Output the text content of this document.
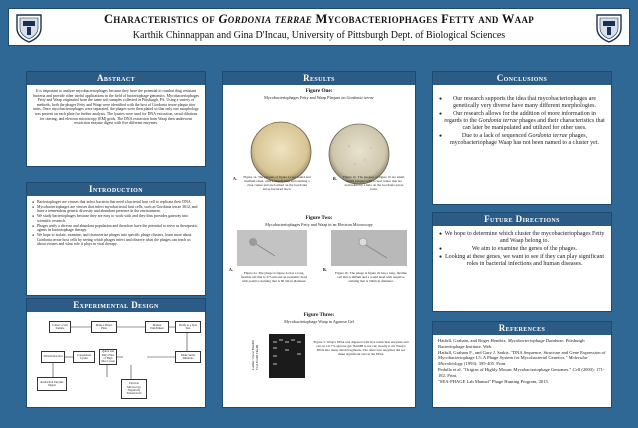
Characteristics of Gordonia terrae Mycobacteriophages Fetty and Waap
Karthik Chinnappan and Gina D'Incau, University of Pittsburgh Dept. of Biological Sciences
Abstract
It is important to analyze mycobacteriophages because they have the potential to combat drug resistant bacteria and provide other useful applications in the field of bacteriophage genomics. Mycobacteriophages Fetty and Waap originated from the same soil samples collected in Pittsburgh, PA. Using a variety of methods, both the phages Fetty and Waap were identified with the host of Gordonia terrae plaque titer units. Once mycobacteriophages were separated, the phages were then plated so that only one morphology was present on each plate for further analysis. The lysates were used for DNA extraction, serial dilutions for titering, and electron microscopy (EM) grids. The DNA extraction from Waap then underwent restriction enzyme digest with five different enzymes.
Introduction
● Bacteriophages are viruses that infect bacteria that need a bacterial host cell to replicate their DNA.
● Mycobacteriophages are viruses that infect mycobacterial host cells, such as Gordonia terrae 3612, and have a tremendous genetic diversity and abundant presence in the environment.
● We study bacteriophages because they are easy to work with and they thus provides gateway into scientific research.
● Phages unify a diverse and abundant population and therefore have the potential to serve as therapeutic agents in bacteriophage therapy.
● We hope to isolate, examine, and characterize phages into specific phage clusters, learn more about Gordonia terrae host cells by seeing which phages infect and observe what the phages can teach us about viruses and what role it plays in viral therapy.
Experimental Design
Collect a Soil Sample
Make a Direct Plate
Modest Enrichment
Purify to a Spot Test
DNA Extraction	Concentrate Lysate
Quick and Dirty Plate of High Titer Lysate
Make Serial Dilutions
Restriction Enzyme Digest	Electron Microscopy Negatively Stained Grid
Results
Figure One:
Mycobacteriophages Fetty and Waap Plaques on Gordonia terrae
A.	B.
Figure 1a. The plaques of figure 1a are round and medium sized, with a cloudy halo surrounding a clear center and are formed on the Gordonia terrae bacterial lawn.
Figure 1b. The plaques of figure 1b are small, turbid plaques with a clear center that are noticeable by a halo on the Gordonia terrae lawn.
Figure Two:
Mycobacteriophages Fetty and Waap in an Electron Microscopy
A.	B.
Figure 2a. The phage is figure 2a has a long, flexible tail that is 375 nm and an isometric head with positive staining that is 60 nm in diameter.
Figure 2b. The phage is figure 2b has a long, flexible tail that is 460nm and a round head with negative staining that is 50nm in diameter.
Figure Three:
Mycobacteriophage Waap in Agarose Gel
Ladder Uncut BamHI ClaI EcoRI HaeIII
Figure 3. Waap's DNA was digested with five restriction enzymes and ran on a 0.7% agarose gel. BamHI is not cut; mostly it cut Waap's DNA into many small fragments. The other four enzymes did not make significant cuts in the DNA.
Conclusions
● Our research supports the idea that mycobacteriophages are genetically very diverse have many different morphologies.
● Our research allows for the addition of more information in regards to the Gordonia terrae phages and their characteristics that can later be manipulated and utilized for other uses.
● Due to a lack of sequenced Gordonia terrae phages, mycobacteriophage Waap has not been named to a cluster yet.
Future Directions
● We hope to determine which cluster the mycobacteriophages Fetty and Waap belong to.
● We aim to examine the genes of the phages.
● Looking at these genes, we want to see if they can play significant roles in bacterial infections and human diseases.
References
Hatfull, Graham, and Roger Hendrix. Mycobacteriophage Database. Pittsburgh Bacteriophage Institute. Web.
Hatfull, Graham F., and Gary J. Sarkis. "DNA Sequence, Structure and Gene Expression of Mycobacteriophage L5: A Phage System for Mycobacterial Genetics." Molecular Microbiology (1993): 395-405. Print.
Pedulla et al. "Origins of Highly Mosaic Mycobacteriophage Genomes." Cell (2003): 171-182. Print.
"SEA-PHAGE Lab Manual" Phage Hunting Program, 2015.
